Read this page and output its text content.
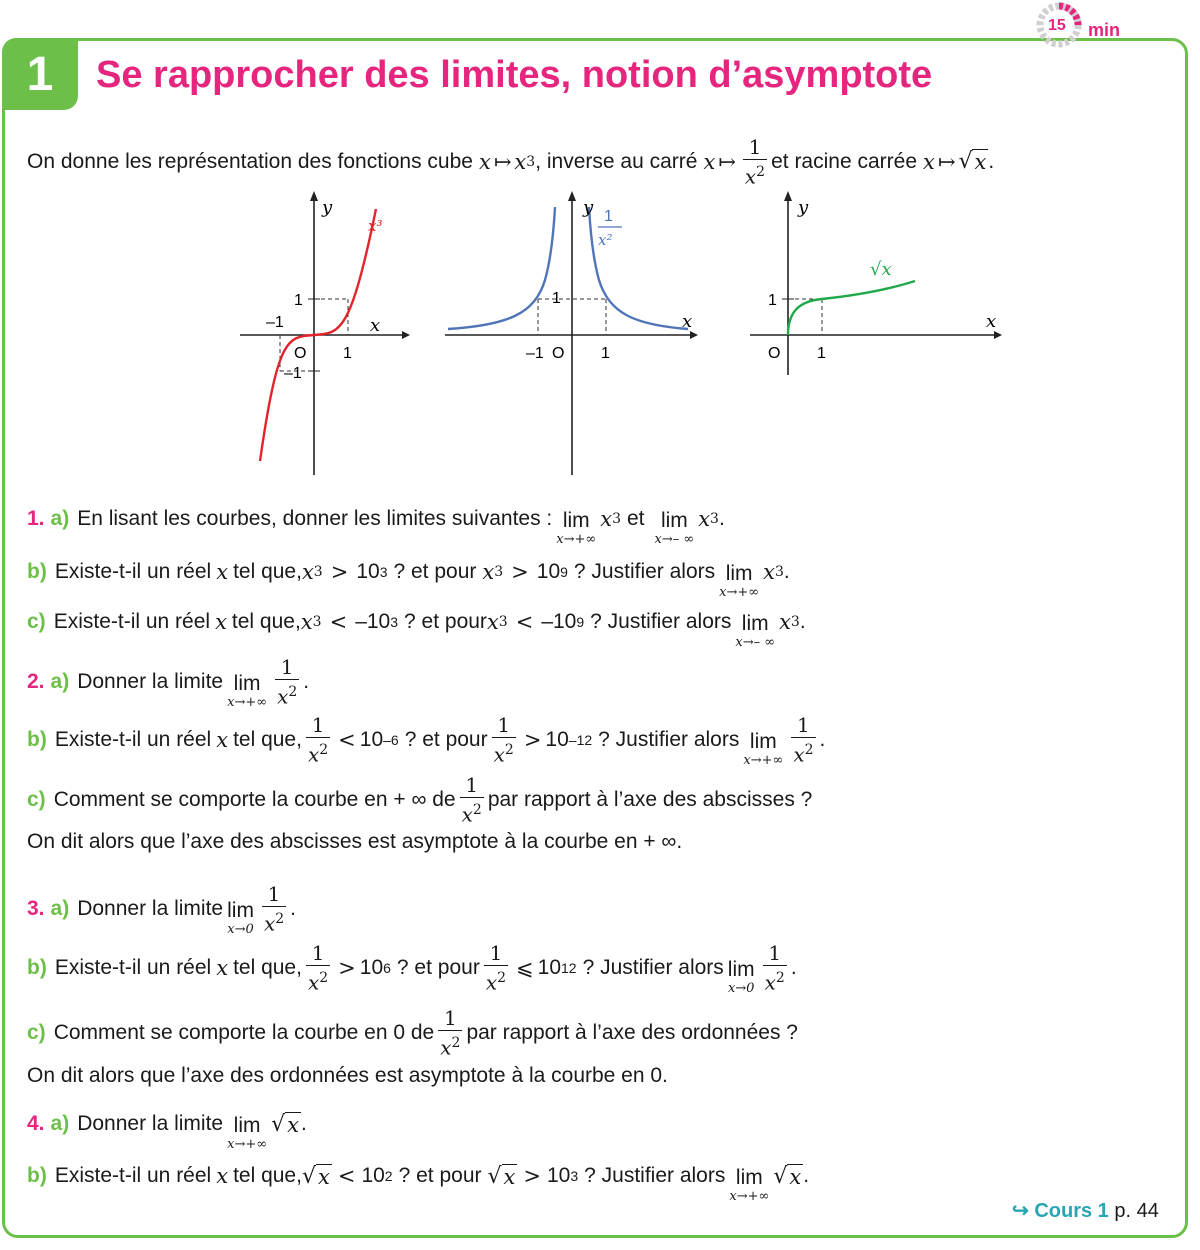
1	Se rapprocher des limites, notion d’asymptote
15 min
On donne les représentation des fonctions cube x ↦ x 3 , inverse au carré x ↦ $\frac{1}{x^2}$ et racine carrée x ↦ √ x .
y
x
x³
1
–1
O 1
–1
y
x
1
x²
1
–1 O 1
y
x
√x
1
O 1
1. a) En lisant les courbes, donner les limites suivantes : lim
x→+∞
x 3 et lim
x→– ∞
x 3 .
b) Existe-t-il un réel x tel que, x 3 > 10 3 ? et pour x 3 > 10 9 ? Justifier alors lim
x→+∞
x 3 .
c) Existe-t-il un réel x tel que, x 3 < –10 3 ? et pour x 3 < –10 9 ? Justifier alors lim
x→– ∞
x 3 .
2. a) Donner la limite lim
$x\to+\infty \frac{1}{x^2}$ .
b) Existe-t-il un réel x tel que, $\frac{1}{x^2} < 10$ –6 ? et pour $\frac{1}{x^2} > 10$ –12 ? Justifier alors lim
$x\to+\infty \frac{1}{x^2}$ .
c) Comment se comporte la courbe en + ∞ de $\frac{1}{x^2}$ par rapport à l’axe des abscisses ?
On dit alors que l’axe des abscisses est asymptote à la courbe en + ∞.
3. a) Donner la limite lim
$x\to 0 \frac{1}{x^2}$ .
b) Existe-t-il un réel x tel que, $\frac{1}{x^2} > 10$ 6 ? et pour $\frac{1}{x^2}$ ⩽ 10 12 ? Justifier alors lim
$x\to 0 \frac{1}{x^2}$ .
c) Comment se comporte la courbe en 0 de $\frac{1}{x^2}$ par rapport à l’axe des ordonnées ?
On dit alors que l’axe des ordonnées est asymptote à la courbe en 0.
4. a) Donner la limite lim
x→+∞
√ x .
b) Existe-t-il un réel x tel que, √ x < 10 2 ? et pour √ x > 10 3 ? Justifier alors lim
x→+∞
√ x .
↪ Cours 1 p. 44
